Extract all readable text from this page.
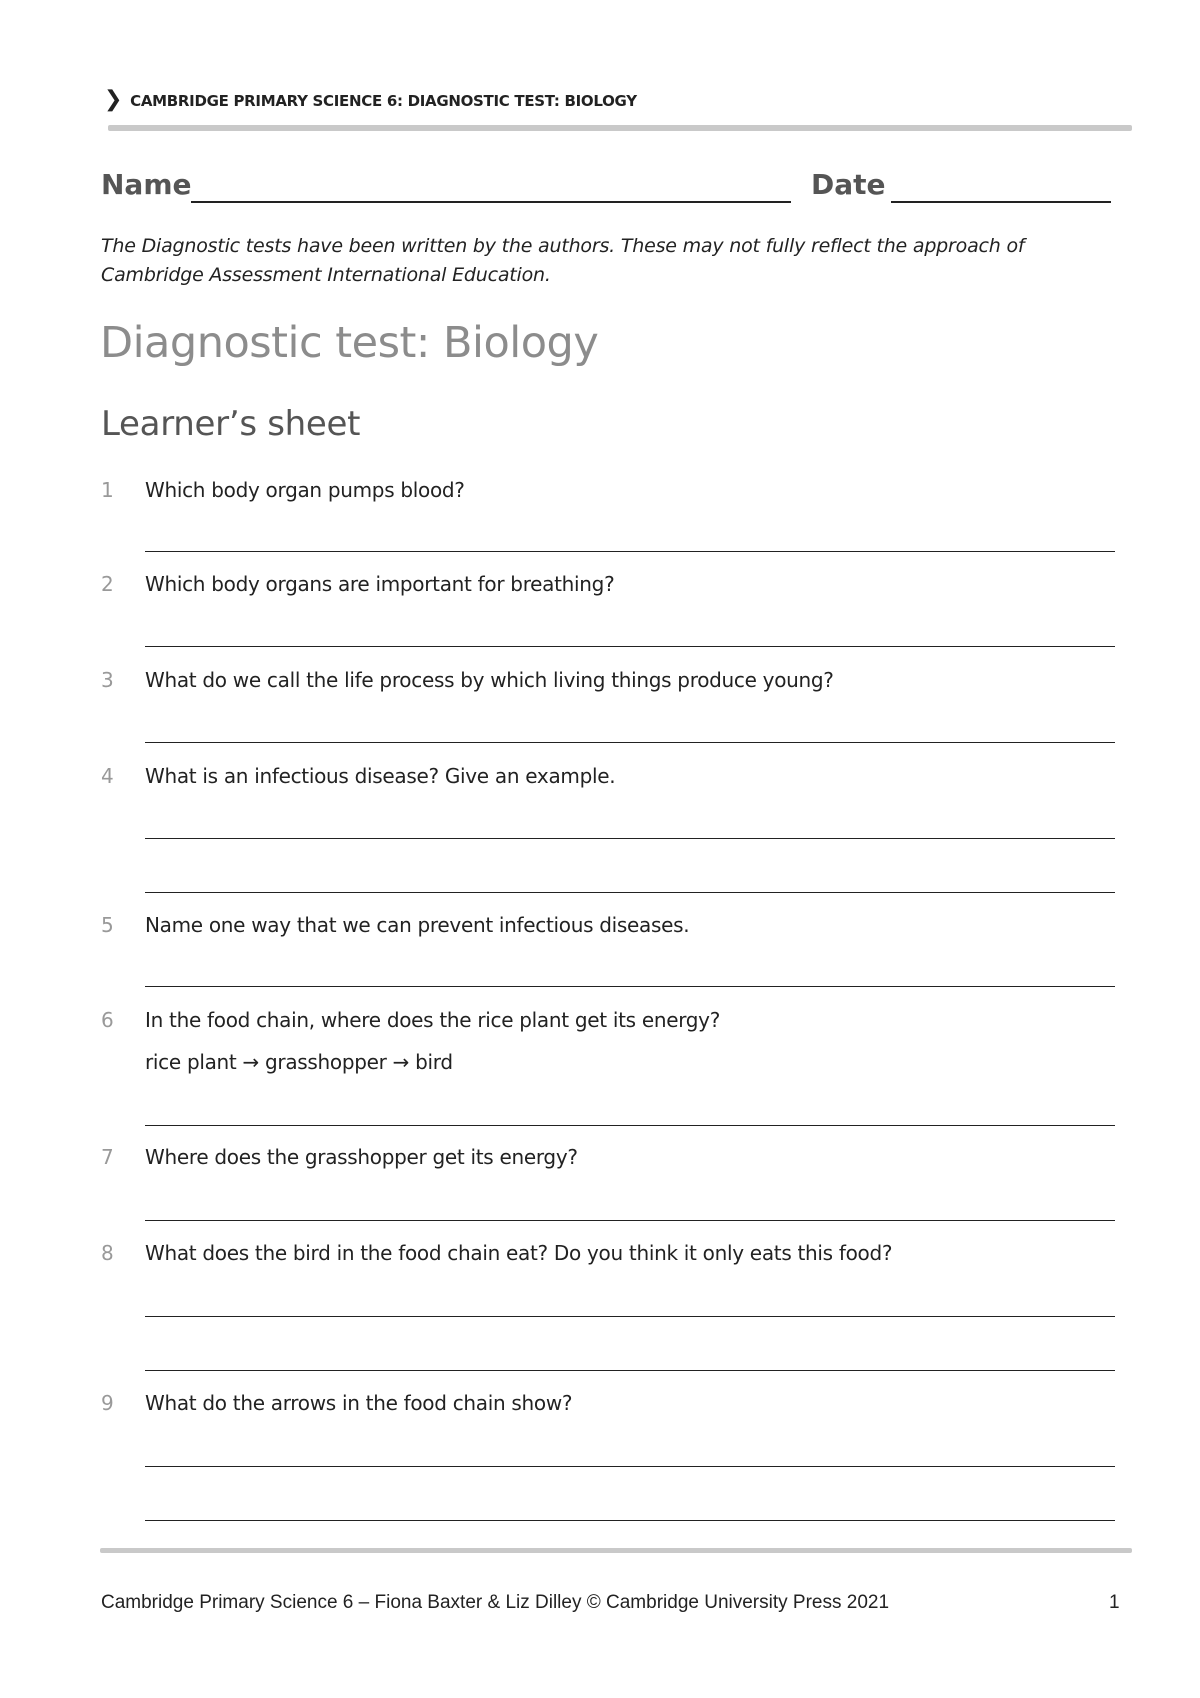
❯ CAMBRIDGE PRIMARY SCIENCE 6: DIAGNOSTIC TEST: BIOLOGY
Name	Date
The Diagnostic tests have been written by the authors. These may not fully reflect the approach of
Cambridge Assessment International Education.
Diagnostic test: Biology
Learner’s sheet
1 Which body organ pumps blood?
2 Which body organs are important for breathing?
3 What do we call the life process by which living things produce young?
4 What is an infectious disease? Give an example.
5 Name one way that we can prevent infectious diseases.
6 In the food chain, where does the rice plant get its energy?
rice plant → grasshopper → bird
7 Where does the grasshopper get its energy?
8 What does the bird in the food chain eat? Do you think it only eats this food?
9 What do the arrows in the food chain show?
Cambridge Primary Science 6 – Fiona Baxter & Liz Dilley © Cambridge University Press 2021	1
